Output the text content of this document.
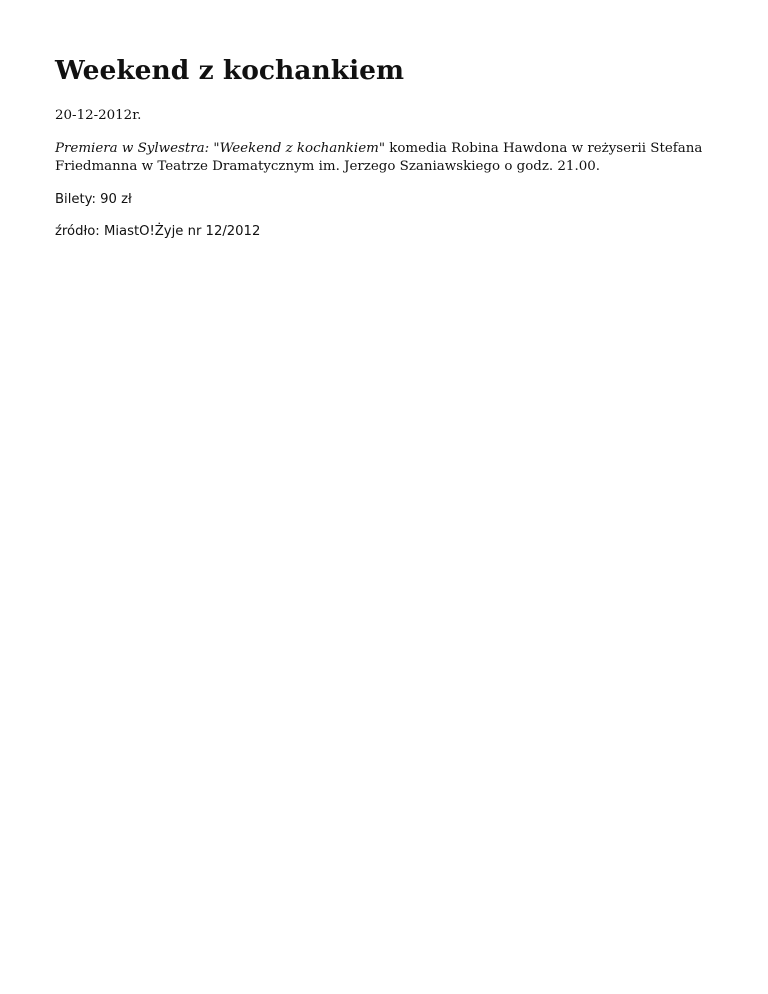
Weekend z kochankiem

20-12-2012r.

Premiera w Sylwestra: "Weekend z kochankiem" komedia Robina Hawdona w reżyserii Stefana Friedmanna w Teatrze Dramatycznym im. Jerzego Szaniawskiego o godz. 21.00.

Bilety: 90 zł

źródło: MiastO!Żyje nr 12/2012
